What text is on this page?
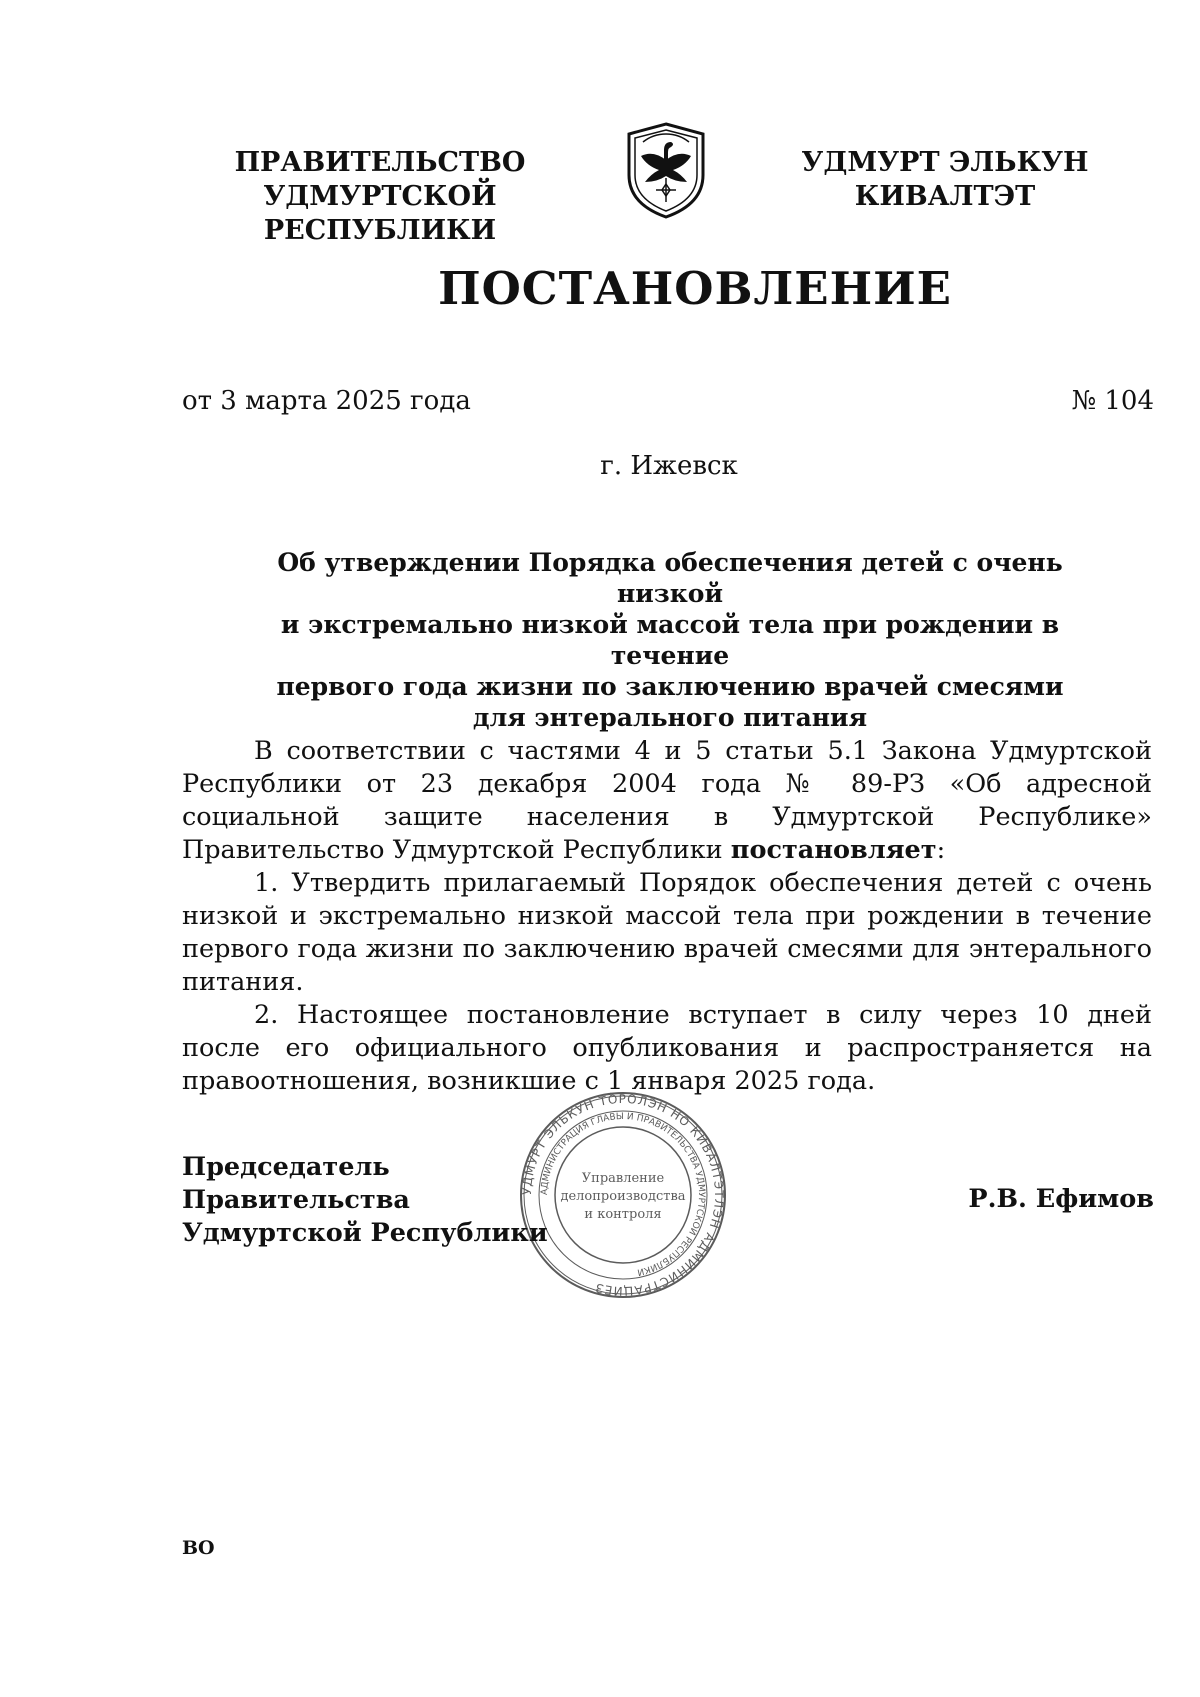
ПРАВИТЕЛЬСТВО
УДМУРТСКОЙ РЕСПУБЛИКИ
УДМУРТ ЭЛЬКУН
КИВАЛТЭТ
ПОСТАНОВЛЕНИЕ
от 3 марта 2025 года	№ 104
г. Ижевск
Об утверждении Порядка обеспечения детей с очень низкой
и экстремально низкой массой тела при рождении в течение
первого года жизни по заключению врачей смесями
для энтерального питания

В соответствии с частями 4 и 5 статьи 5.1 Закона Удмуртской Республики от 23 декабря 2004 года № 89-РЗ «Об адресной социальной защите населения в Удмуртской Республике» Правительство Удмуртской Республики постановляет:

1. Утвердить прилагаемый Порядок обеспечения детей с очень низкой и экстремально низкой массой тела при рождении в течение первого года жизни по заключению врачей смесями для энтерального питания.

2. Настоящее постановление вступает в силу через 10 дней после его официального опубликования и распространяется на правоотношения, возникшие с 1 января 2025 года.

УДМУРТ ЭЛЬКУН ТӦРОЛЭН НО КИВАЛТЭТЛЭН АДМИНИСТРАЦИЕЗ
АДМИНИСТРАЦИЯ ГЛАВЫ И ПРАВИТЕЛЬСТВА УДМУРТСКОЙ РЕСПУБЛИКИ
Управление
делопроизводства
и контроля
Председатель Правительства
Удмуртской Республики
Р.В. Ефимов
ВО
